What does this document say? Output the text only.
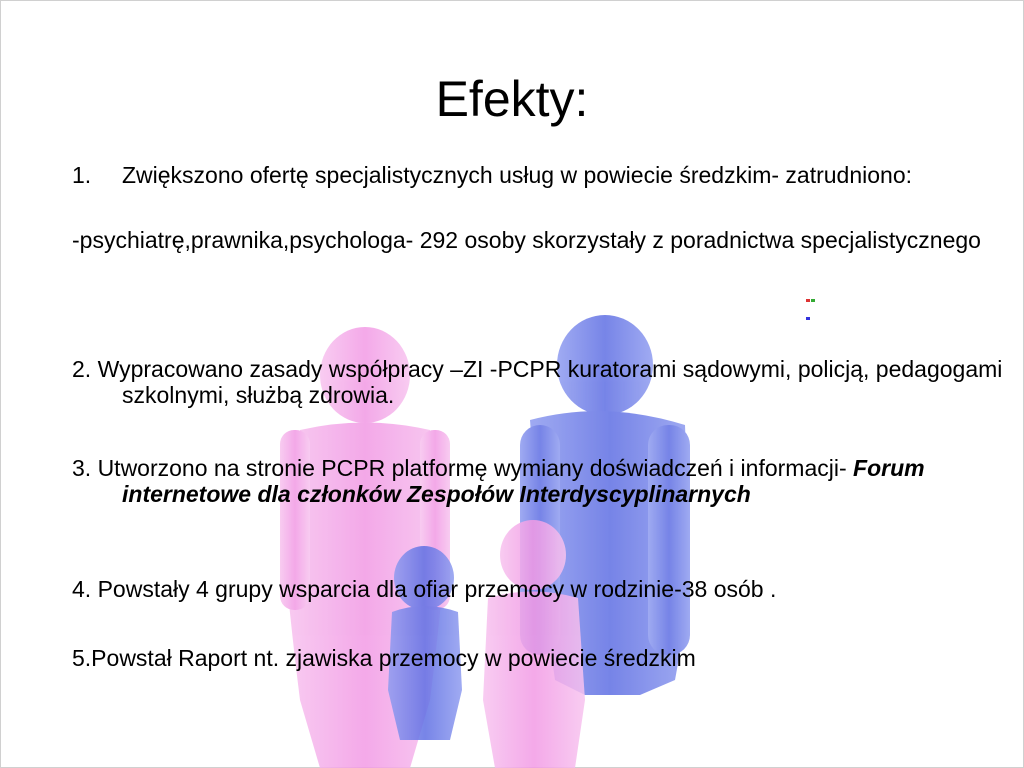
Efekty:
1. Zwiększono ofertę specjalistycznych usług w powiecie średzkim- zatrudniono:
-psychiatrę,prawnika,psychologa- 292 osoby skorzystały z poradnictwa specjalistycznego
2. Wypracowano zasady współpracy –ZI -PCPR kuratorami sądowymi, policją, pedagogami szkolnymi, służbą zdrowia.
3. Utworzono na stronie PCPR platformę wymiany doświadczeń i informacji- Forum internetowe dla członków Zespołów Interdyscyplinarnych
4. Powstały 4 grupy wsparcia dla ofiar przemocy w rodzinie-38 osób .
5.Powstał Raport nt. zjawiska przemocy w powiecie średzkim
